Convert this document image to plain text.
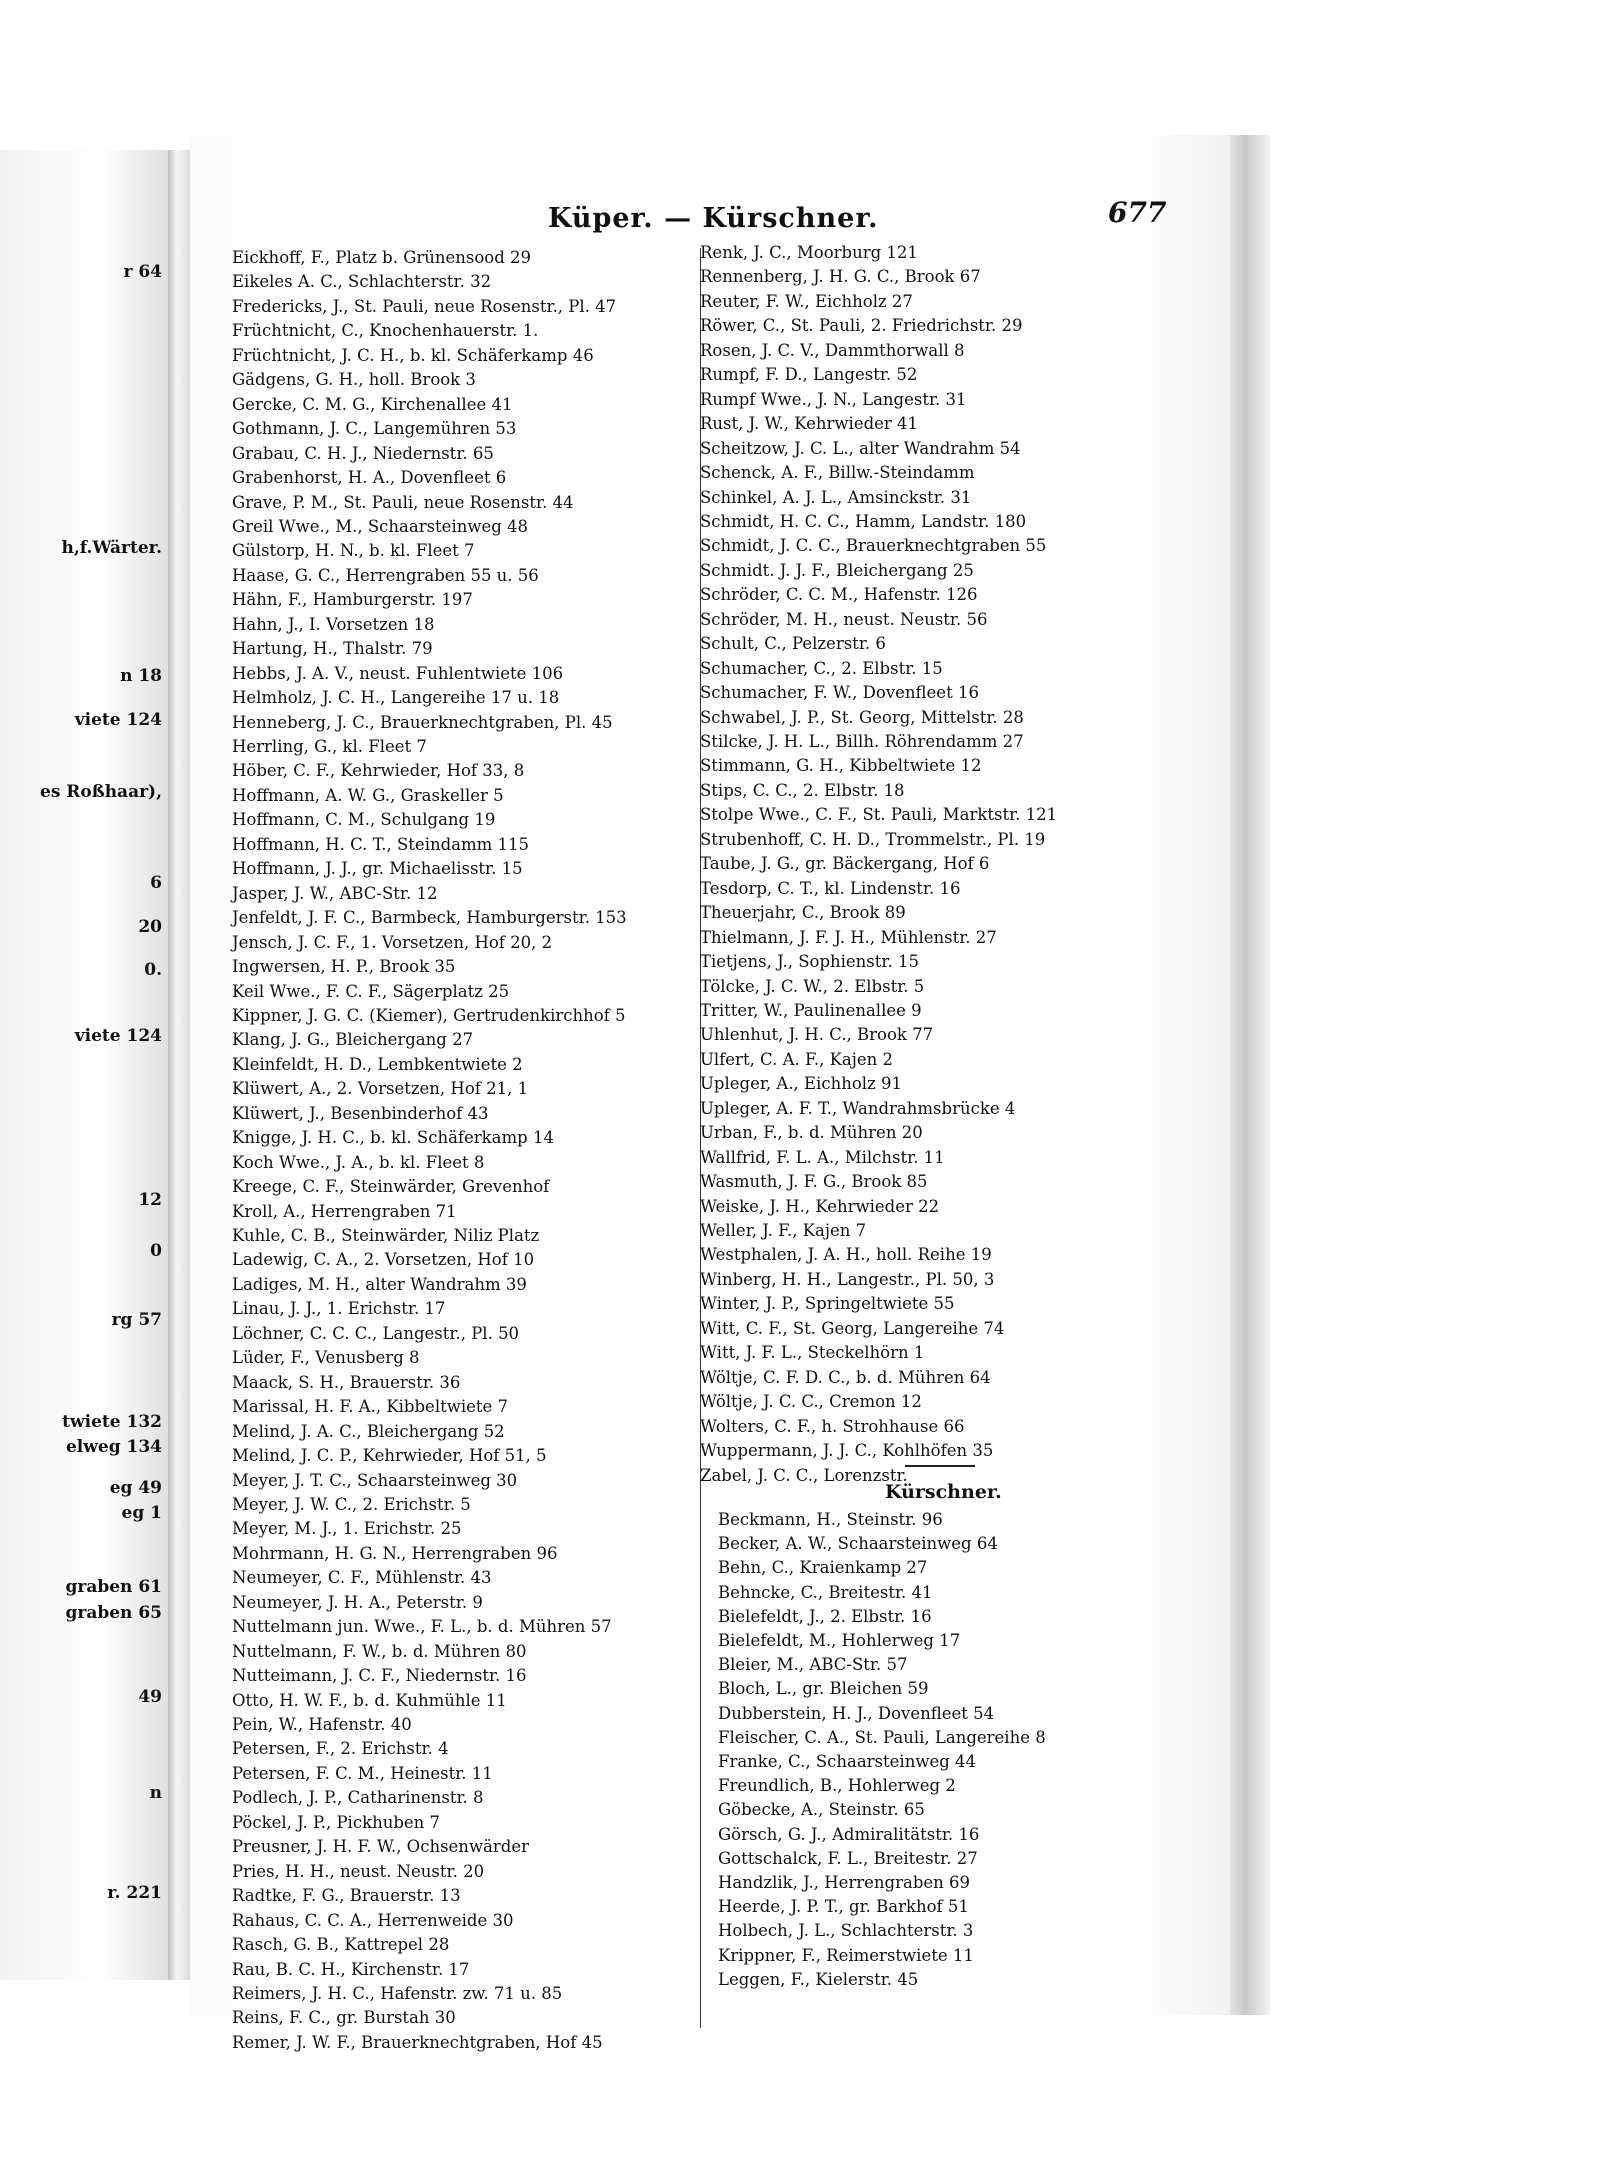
r 64
h,f.Wärter.
n 18
viete 124
es Roßhaar),
6
20
0.
viete 124
12
0
rg 57
twiete 132
elweg 134
eg 49
eg 1
graben 61
graben 65
49
n
r. 221
Küper. — Kürschner.	677
Eickhoff, F., Platz b. Grünensood 29
Eikeles A. C., Schlachterstr. 32
Fredericks, J., St. Pauli, neue Rosenstr., Pl. 47
Früchtnicht, C., Knochenhauerstr. 1.
Früchtnicht, J. C. H., b. kl. Schäferkamp 46
Gädgens, G. H., holl. Brook 3
Gercke, C. M. G., Kirchenallee 41
Gothmann, J. C., Langemühren 53
Grabau, C. H. J., Niedernstr. 65
Grabenhorst, H. A., Dovenfleet 6
Grave, P. M., St. Pauli, neue Rosenstr. 44
Greil Wwe., M., Schaarsteinweg 48
Gülstorp, H. N., b. kl. Fleet 7
Haase, G. C., Herrengraben 55 u. 56
Hähn, F., Hamburgerstr. 197
Hahn, J., I. Vorsetzen 18
Hartung, H., Thalstr. 79
Hebbs, J. A. V., neust. Fuhlentwiete 106
Helmholz, J. C. H., Langereihe 17 u. 18
Henneberg, J. C., Brauerknechtgraben, Pl. 45
Herrling, G., kl. Fleet 7
Höber, C. F., Kehrwieder, Hof 33, 8
Hoffmann, A. W. G., Graskeller 5
Hoffmann, C. M., Schulgang 19
Hoffmann, H. C. T., Steindamm 115
Hoffmann, J. J., gr. Michaelisstr. 15
Jasper, J. W., ABC-Str. 12
Jenfeldt, J. F. C., Barmbeck, Hamburgerstr. 153
Jensch, J. C. F., 1. Vorsetzen, Hof 20, 2
Ingwersen, H. P., Brook 35
Keil Wwe., F. C. F., Sägerplatz 25
Kippner, J. G. C. (Kiemer), Gertrudenkirchhof 5
Klang, J. G., Bleichergang 27
Kleinfeldt, H. D., Lembkentwiete 2
Klüwert, A., 2. Vorsetzen, Hof 21, 1
Klüwert, J., Besenbinderhof 43
Knigge, J. H. C., b. kl. Schäferkamp 14
Koch Wwe., J. A., b. kl. Fleet 8
Kreege, C. F., Steinwärder, Grevenhof
Kroll, A., Herrengraben 71
Kuhle, C. B., Steinwärder, Niliz Platz
Ladewig, C. A., 2. Vorsetzen, Hof 10
Ladiges, M. H., alter Wandrahm 39
Linau, J. J., 1. Erichstr. 17
Löchner, C. C. C., Langestr., Pl. 50
Lüder, F., Venusberg 8
Maack, S. H., Brauerstr. 36
Marissal, H. F. A., Kibbeltwiete 7
Melind, J. A. C., Bleichergang 52
Melind, J. C. P., Kehrwieder, Hof 51, 5
Meyer, J. T. C., Schaarsteinweg 30
Meyer, J. W. C., 2. Erichstr. 5
Meyer, M. J., 1. Erichstr. 25
Mohrmann, H. G. N., Herrengraben 96
Neumeyer, C. F., Mühlenstr. 43
Neumeyer, J. H. A., Peterstr. 9
Nuttelmann jun. Wwe., F. L., b. d. Mühren 57
Nuttelmann, F. W., b. d. Mühren 80
Nutteimann, J. C. F., Niedernstr. 16
Otto, H. W. F., b. d. Kuhmühle 11
Pein, W., Hafenstr. 40
Petersen, F., 2. Erichstr. 4
Petersen, F. C. M., Heinestr. 11
Podlech, J. P., Catharinenstr. 8
Pöckel, J. P., Pickhuben 7
Preusner, J. H. F. W., Ochsenwärder
Pries, H. H., neust. Neustr. 20
Radtke, F. G., Brauerstr. 13
Rahaus, C. C. A., Herrenweide 30
Rasch, G. B., Kattrepel 28
Rau, B. C. H., Kirchenstr. 17
Reimers, J. H. C., Hafenstr. zw. 71 u. 85
Reins, F. C., gr. Burstah 30
Remer, J. W. F., Brauerknechtgraben, Hof 45
Renk, J. C., Moorburg 121
Rennenberg, J. H. G. C., Brook 67
Reuter, F. W., Eichholz 27
Röwer, C., St. Pauli, 2. Friedrichstr. 29
Rosen, J. C. V., Dammthorwall 8
Rumpf, F. D., Langestr. 52
Rumpf Wwe., J. N., Langestr. 31
Rust, J. W., Kehrwieder 41
Scheitzow, J. C. L., alter Wandrahm 54
Schenck, A. F., Billw.-Steindamm
Schinkel, A. J. L., Amsinckstr. 31
Schmidt, H. C. C., Hamm, Landstr. 180
Schmidt, J. C. C., Brauerknechtgraben 55
Schmidt. J. J. F., Bleichergang 25
Schröder, C. C. M., Hafenstr. 126
Schröder, M. H., neust. Neustr. 56
Schult, C., Pelzerstr. 6
Schumacher, C., 2. Elbstr. 15
Schumacher, F. W., Dovenfleet 16
Schwabel, J. P., St. Georg, Mittelstr. 28
Stilcke, J. H. L., Billh. Röhrendamm 27
Stimmann, G. H., Kibbeltwiete 12
Stips, C. C., 2. Elbstr. 18
Stolpe Wwe., C. F., St. Pauli, Marktstr. 121
Strubenhoff, C. H. D., Trommelstr., Pl. 19
Taube, J. G., gr. Bäckergang, Hof 6
Tesdorp, C. T., kl. Lindenstr. 16
Theuerjahr, C., Brook 89
Thielmann, J. F. J. H., Mühlenstr. 27
Tietjens, J., Sophienstr. 15
Tölcke, J. C. W., 2. Elbstr. 5
Tritter, W., Paulinenallee 9
Uhlenhut, J. H. C., Brook 77
Ulfert, C. A. F., Kajen 2
Upleger, A., Eichholz 91
Upleger, A. F. T., Wandrahmsbrücke 4
Urban, F., b. d. Mühren 20
Wallfrid, F. L. A., Milchstr. 11
Wasmuth, J. F. G., Brook 85
Weiske, J. H., Kehrwieder 22
Weller, J. F., Kajen 7
Westphalen, J. A. H., holl. Reihe 19
Winberg, H. H., Langestr., Pl. 50, 3
Winter, J. P., Springeltwiete 55
Witt, C. F., St. Georg, Langereihe 74
Witt, J. F. L., Steckelhörn 1
Wöltje, C. F. D. C., b. d. Mühren 64
Wöltje, J. C. C., Cremon 12
Wolters, C. F., h. Strohhause 66
Wuppermann, J. J. C., Kohlhöfen 35
Zabel, J. C. C., Lorenzstr.
Kürschner.
Beckmann, H., Steinstr. 96
Becker, A. W., Schaarsteinweg 64
Behn, C., Kraienkamp 27
Behncke, C., Breitestr. 41
Bielefeldt, J., 2. Elbstr. 16
Bielefeldt, M., Hohlerweg 17
Bleier, M., ABC-Str. 57
Bloch, L., gr. Bleichen 59
Dubberstein, H. J., Dovenfleet 54
Fleischer, C. A., St. Pauli, Langereihe 8
Franke, C., Schaarsteinweg 44
Freundlich, B., Hohlerweg 2
Göbecke, A., Steinstr. 65
Görsch, G. J., Admiralitätstr. 16
Gottschalck, F. L., Breitestr. 27
Handzlik, J., Herrengraben 69
Heerde, J. P. T., gr. Barkhof 51
Holbech, J. L., Schlachterstr. 3
Krippner, F., Reimerstwiete 11
Leggen, F., Kielerstr. 45
